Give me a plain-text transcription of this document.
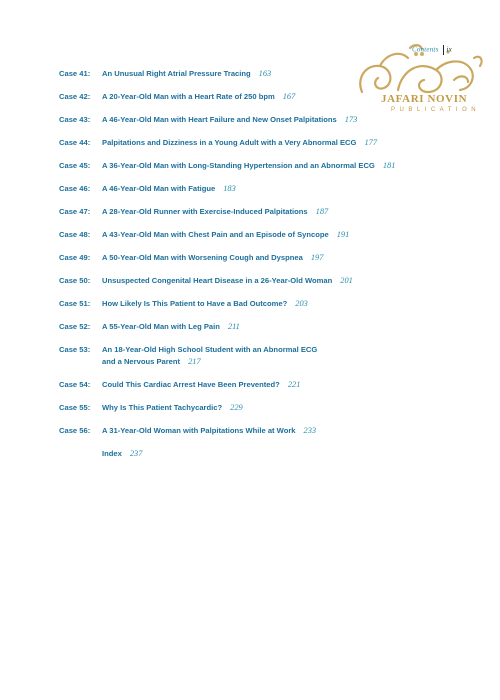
JAFARI NOVIN
PUBLICATION
Contents ix
Case 41:	An Unusual Right Atrial Pressure Tracing 163
Case 42:	A 20-Year-Old Man with a Heart Rate of 250 bpm 167
Case 43:	A 46-Year-Old Man with Heart Failure and New Onset Palpitations 173
Case 44:	Palpitations and Dizziness in a Young Adult with a Very Abnormal ECG 177
Case 45:	A 36-Year-Old Man with Long-Standing Hypertension and an Abnormal ECG 181
Case 46:	A 46-Year-Old Man with Fatigue 183
Case 47:	A 28-Year-Old Runner with Exercise-Induced Palpitations 187
Case 48:	A 43-Year-Old Man with Chest Pain and an Episode of Syncope 191
Case 49:	A 50-Year-Old Man with Worsening Cough and Dyspnea 197
Case 50:	Unsuspected Congenital Heart Disease in a 26-Year-Old Woman 201
Case 51:	How Likely Is This Patient to Have a Bad Outcome? 203
Case 52:	A 55-Year-Old Man with Leg Pain 211
Case 53:	An 18-Year-Old High School Student with an Abnormal ECG
and a Nervous Parent 217
Case 54:	Could This Cardiac Arrest Have Been Prevented? 221
Case 55:	Why Is This Patient Tachycardic? 229
Case 56:	A 31-Year-Old Woman with Palpitations While at Work 233
Index 237
